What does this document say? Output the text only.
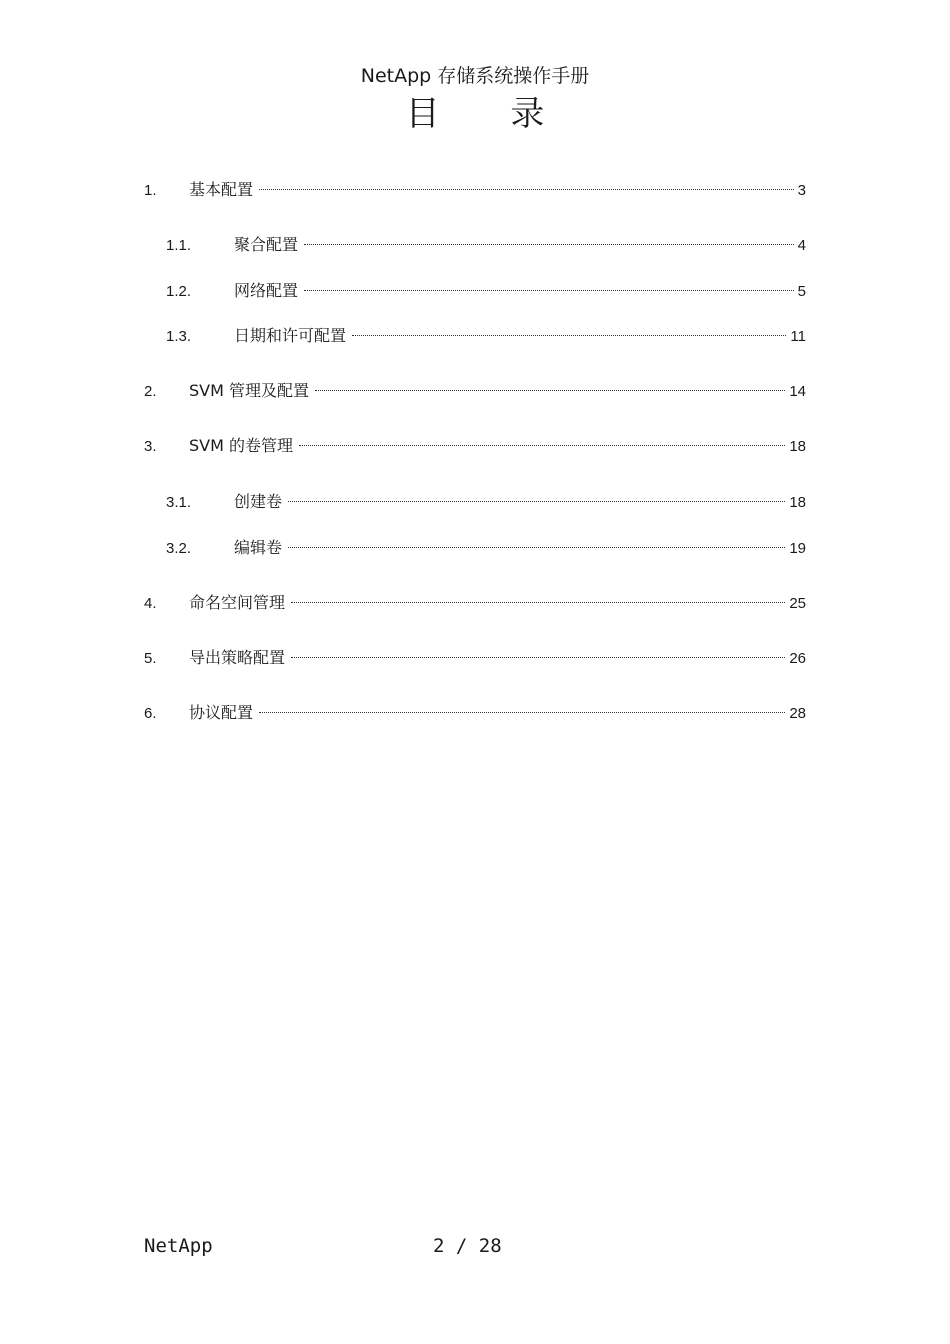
NetApp 存储系统操作手册
目 录
1.	基本配置	3
1.1.	聚合配置	4
1.2.	网络配置	5
1.3.	日期和许可配置	11
2.	SVM 管理及配置	14
3.	SVM 的卷管理	18
3.1.	创建卷	18
3.2.	编辑卷	19
4.	命名空间管理	25
5.	导出策略配置	26
6.	协议配置	28
NetApp	2 / 28
